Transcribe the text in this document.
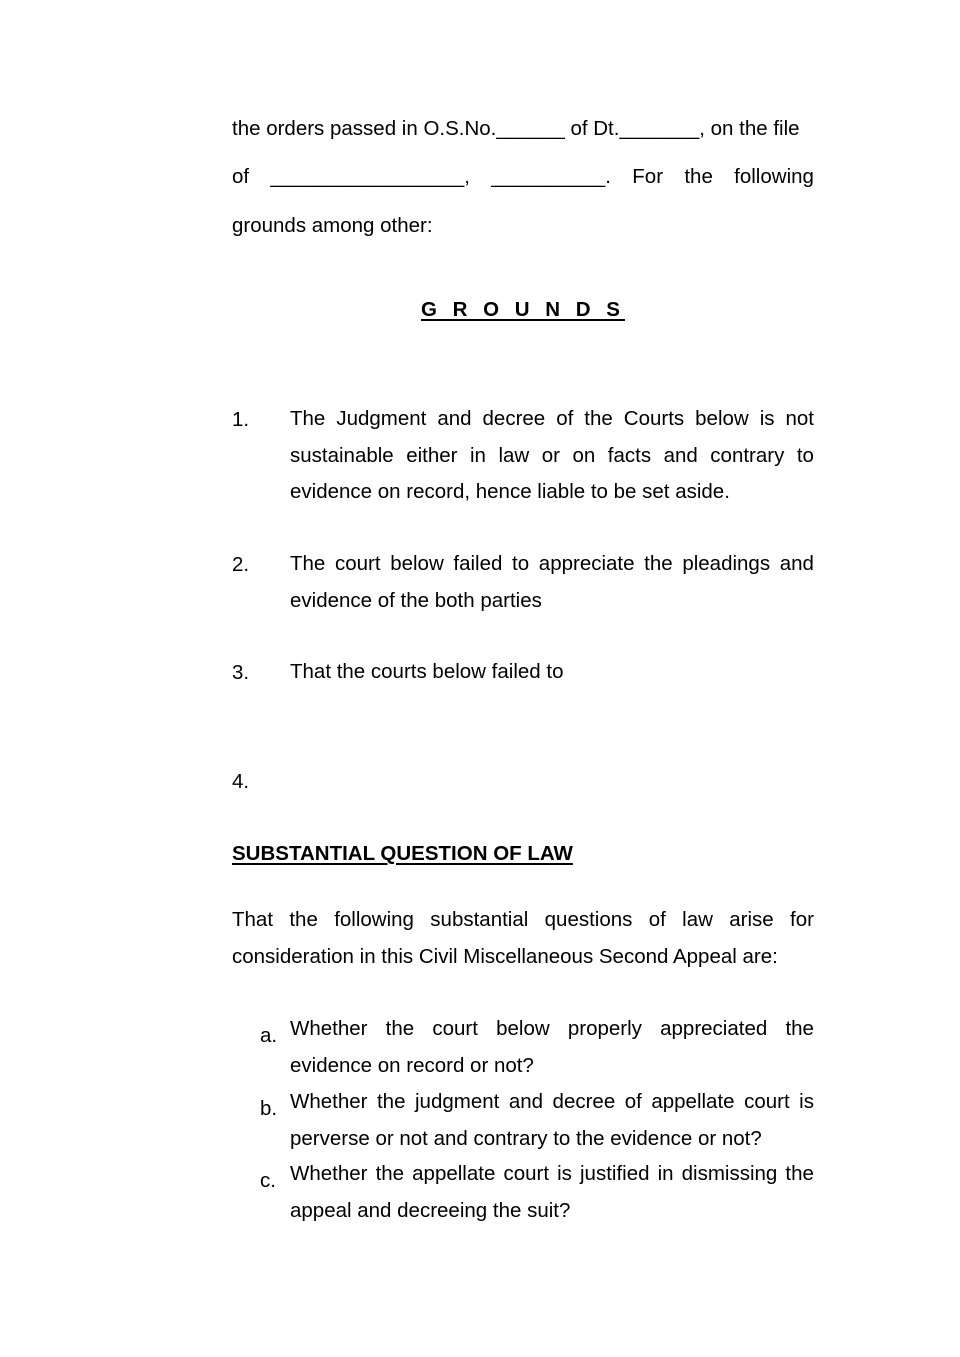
the orders passed in O.S.No.______ of Dt._______, on the file
of _________________, __________. For the following
grounds among other:
G R O U N D S
1. The Judgment and decree of the Courts below is not
sustainable either in law or on facts and contrary to
evidence on record, hence liable to be set aside.
2. The court below failed to appreciate the pleadings and
evidence of the both parties
3. That the courts below failed to
4.
SUBSTANTIAL QUESTION OF LAW
That the following substantial questions of law arise for
consideration in this Civil Miscellaneous Second Appeal are:
a. Whether the court below properly appreciated the
evidence on record or not?
b. Whether the judgment and decree of appellate court is
perverse or not and contrary to the evidence or not?
c. Whether the appellate court is justified in dismissing the
appeal and decreeing the suit?
